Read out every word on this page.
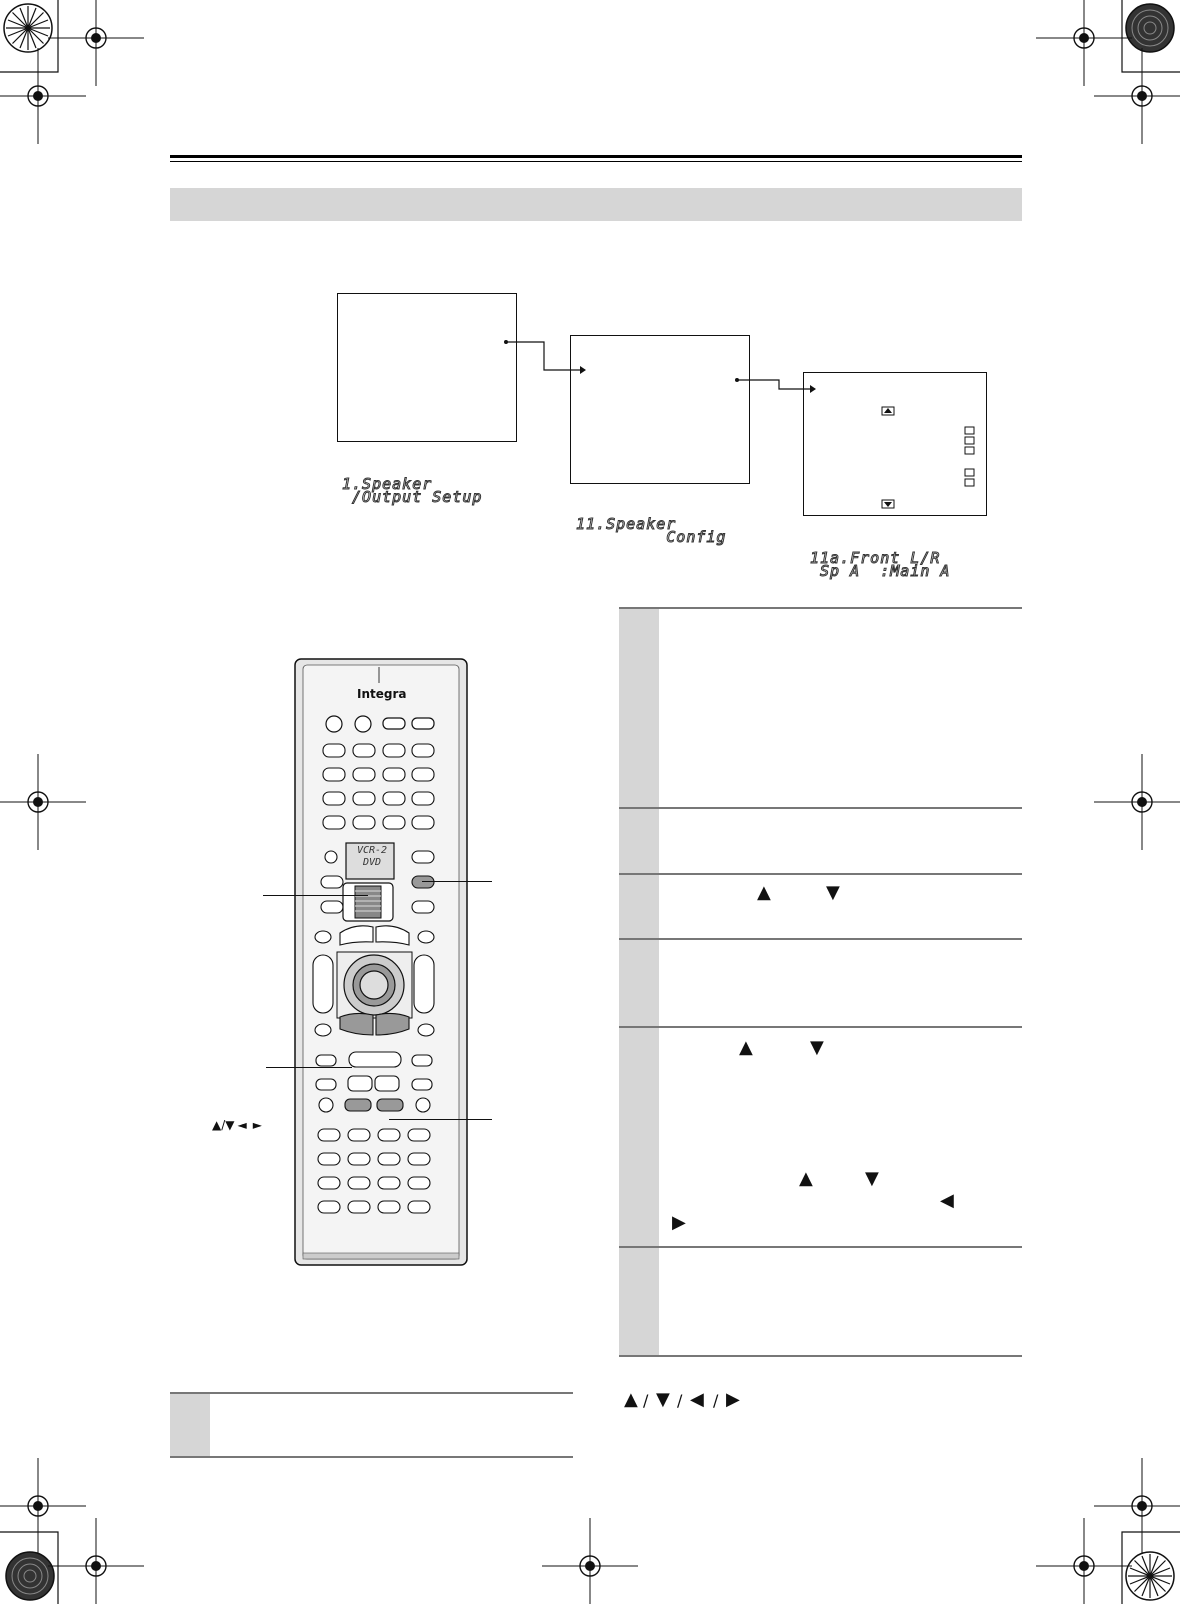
1.Speaker
/Output Setup

11.Speaker
Config

11a.Front L/R
Sp A  :Main A

▲	▼
▲	▼
▲	▼
◀
▶
▲ / ▼ / ◀ / ▶
Integra
VCR-2
DVD
▲/▼ ◄ ►
